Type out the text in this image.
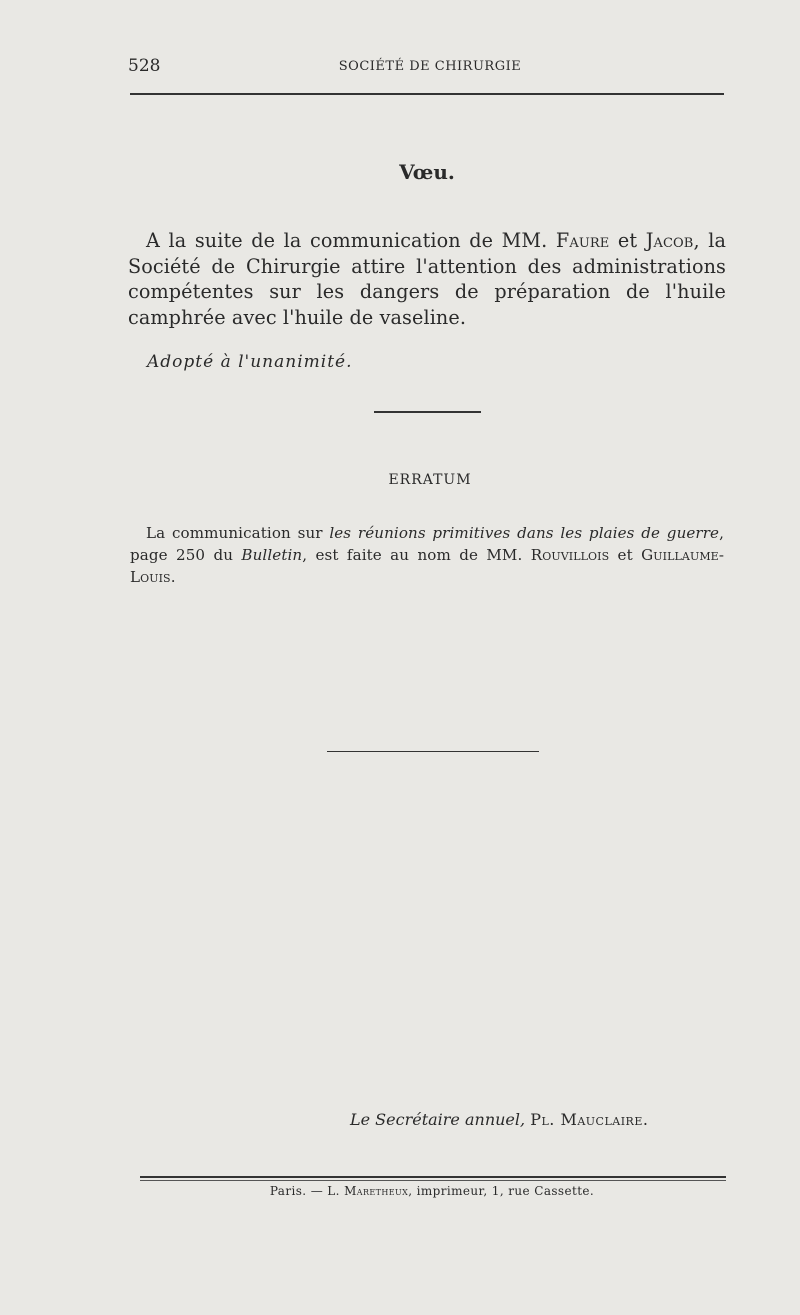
528	SOCIÉTÉ DE CHIRURGIE
Vœu.
A la suite de la communication de MM. Faure et Jacob, la Société de Chirurgie attire l'attention des administrations compétentes sur les dangers de préparation de l'huile camphrée avec l'huile de vaseline.
Adopté à l'unanimité.
ERRATUM
La communication sur les réunions primitives dans les plaies de guerre, page 250 du Bulletin, est faite au nom de MM. Rouvillois et Guillaume-Louis.
Le Secrétaire annuel, Pl. Mauclaire.
Paris. — L. Maretheux, imprimeur, 1, rue Cassette.
